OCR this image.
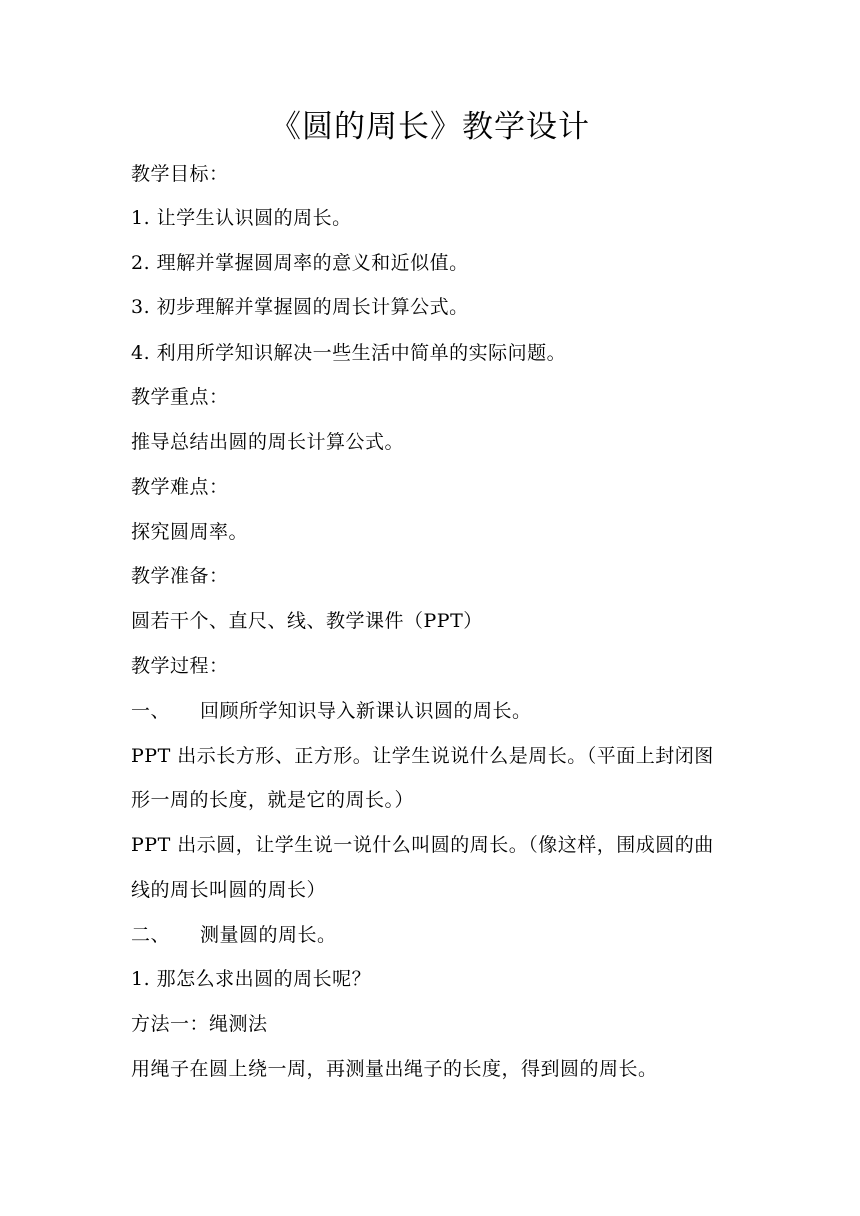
《圆的周长》教学设计
教学目标：
1. 让学生认识圆的周长。
2. 理解并掌握圆周率的意义和近似值。
3. 初步理解并掌握圆的周长计算公式。
4. 利用所学知识解决一些生活中简单的实际问题。
教学重点：
推导总结出圆的周长计算公式。
教学难点：
探究圆周率。
教学准备：
圆若干个、直尺、线、教学课件（PPT）
教学过程：
一、 回顾所学知识导入新课认识圆的周长。
PPT 出示长方形、正方形。让学生说说什么是周长。（平面上封闭图
形一周的长度，就是它的周长。）
PPT 出示圆，让学生说一说什么叫圆的周长。（像这样，围成圆的曲
线的周长叫圆的周长）
二、 测量圆的周长。
1. 那怎么求出圆的周长呢？
方法一：绳测法
用绳子在圆上绕一周，再测量出绳子的长度，得到圆的周长。
